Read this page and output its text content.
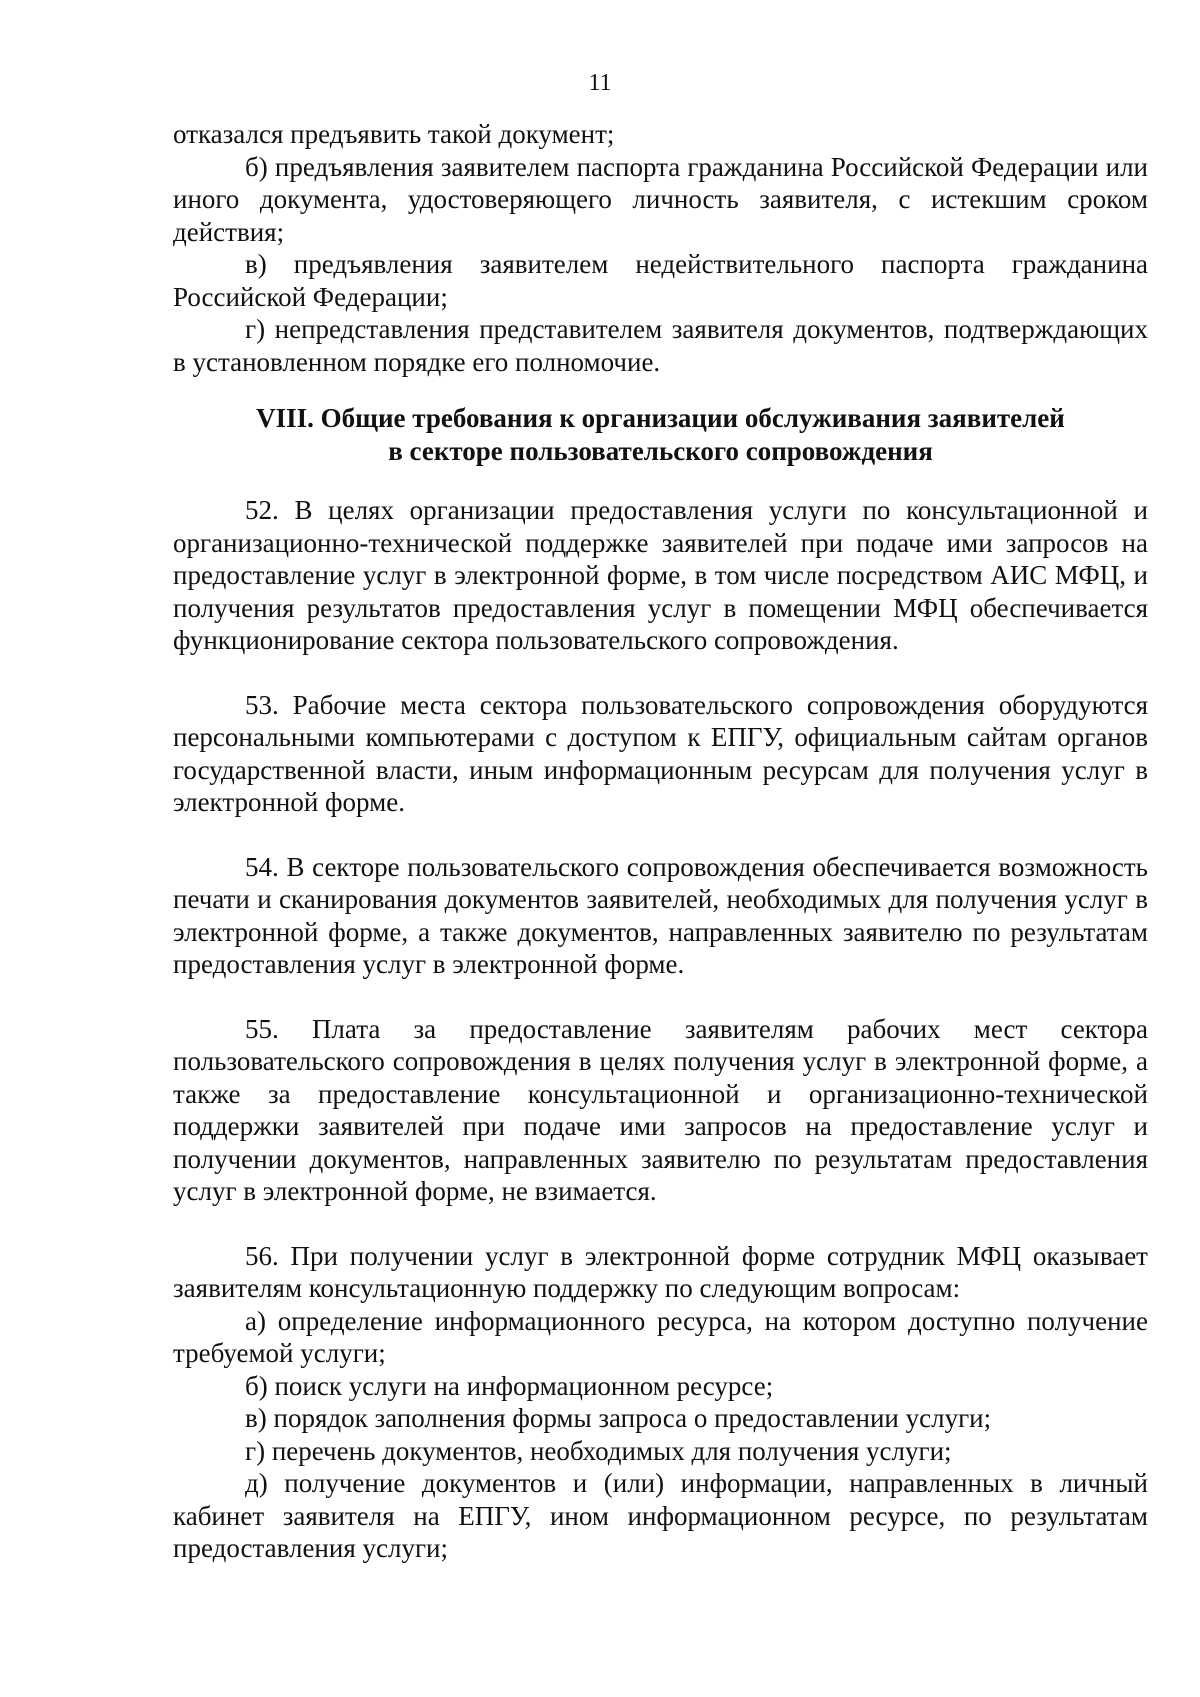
11

отказался предъявить такой документ;

б) предъявления заявителем паспорта гражданина Российской Федерации или иного документа, удостоверяющего личность заявителя, с истекшим сроком действия;

в) предъявления заявителем недействительного паспорта гражданина Российской Федерации;

г) непредставления представителем заявителя документов, подтверждающих в установленном порядке его полномочие.

VIII. Общие требования к организации обслуживания заявителей
в секторе пользовательского сопровождения

52. В целях организации предоставления услуги по консультационной и организационно-технической поддержке заявителей при подаче ими запросов на предоставление услуг в электронной форме, в том числе посредством АИС МФЦ, и получения результатов предоставления услуг в помещении МФЦ обеспечивается функционирование сектора пользовательского сопровождения.

53. Рабочие места сектора пользовательского сопровождения оборудуются персональными компьютерами с доступом к ЕПГУ, официальным сайтам органов государственной власти, иным информационным ресурсам для получения услуг в электронной форме.

54. В секторе пользовательского сопровождения обеспечивается возможность печати и сканирования документов заявителей, необходимых для получения услуг в электронной форме, а также документов, направленных заявителю по результатам предоставления услуг в электронной форме.

55. Плата за предоставление заявителям рабочих мест сектора пользовательского сопровождения в целях получения услуг в электронной форме, а также за предоставление консультационной и организационно-технической поддержки заявителей при подаче ими запросов на предоставление услуг и получении документов, направленных заявителю по результатам предоставления услуг в электронной форме, не взимается.

56. При получении услуг в электронной форме сотрудник МФЦ оказывает заявителям консультационную поддержку по следующим вопросам:

а) определение информационного ресурса, на котором доступно получение требуемой услуги;

б) поиск услуги на информационном ресурсе;

в) порядок заполнения формы запроса о предоставлении услуги;

г) перечень документов, необходимых для получения услуги;

д) получение документов и (или) информации, направленных в личный кабинет заявителя на ЕПГУ, ином информационном ресурсе, по результатам предоставления услуги;
